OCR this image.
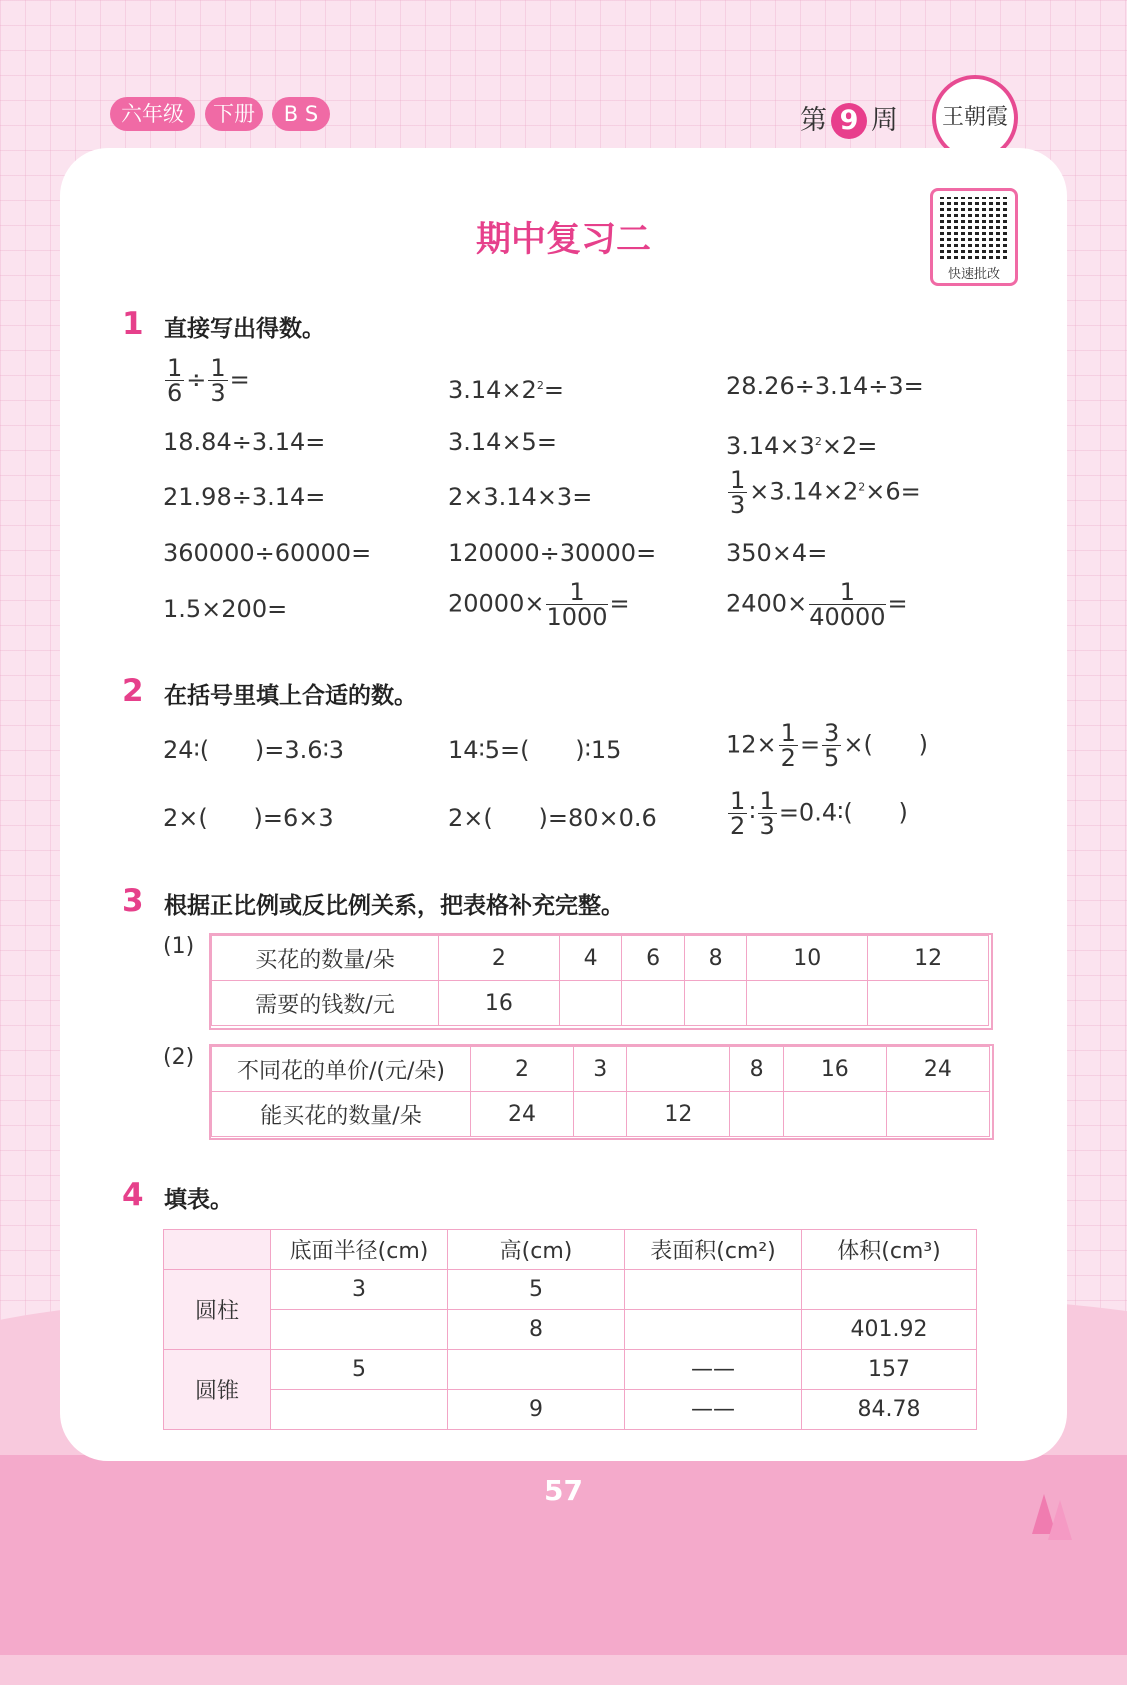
六年级	下册	B S	第 9 周	王朝霞
期中复习二
快速批改
1 直接写出得数。
$\frac{1}{6} \div \frac{1}{3}$ =	$3.14\times 2^2=$	28.26÷3.14÷3=
18.84÷3.14=	3.14×5=	$3.14\times 3^2\times 2=$
21.98÷3.14=	2×3.14×3=	$\frac{1}{3} \times 3.14\times 2^2\times 6=$
360000÷60000=	120000÷30000=	350×4=
1.5×200=	$20000\times \frac{1}{1000}$ =	$2400\times \frac{1}{40000}$ =
2 在括号里填上合适的数。
24∶(      )=3.6∶3	14∶5=(      )∶15	$12\times \frac{1}{2} = \frac{3}{5}$ ×(      )
2×(      )=6×3	2×(      )=80×0.6	$\frac{1}{2}$ ∶ $\frac{1}{3}$ =0.4∶(      )
3 根据正比例或反比例关系，把表格补充完整。
(1)
买花的数量/朵	2	4	6	8	10	12
需要的钱数/元	16					
(2)
不同花的单价/(元/朵)	2	3		8	16	24
能买花的数量/朵	24		12			
4 填表。
	底面半径(cm)	高(cm)	表面积(cm²)	体积(cm³)
圆柱	3	5		
		8		401.92
圆锥	5		——	157
		9	——	84.78
57
